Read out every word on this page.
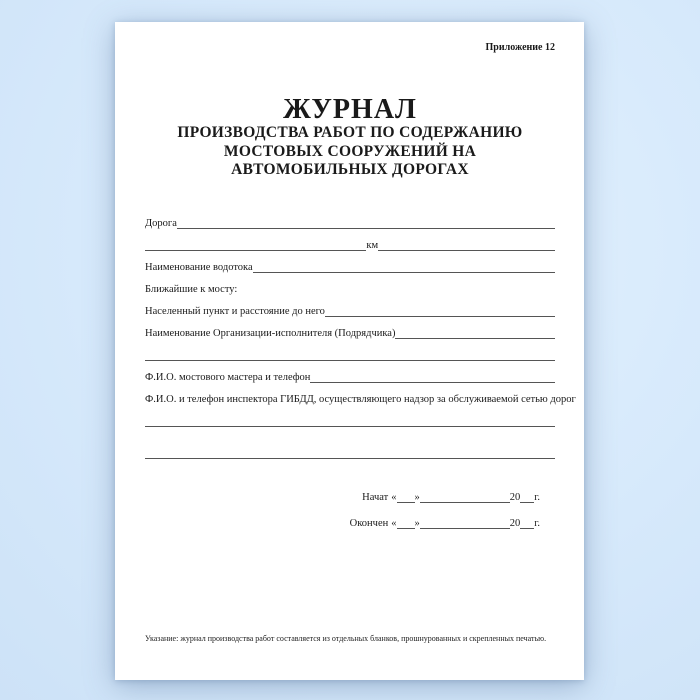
Приложение 12
ЖУРНАЛ
ПРОИЗВОДСТВА РАБОТ ПО СОДЕРЖАНИЮ
МОСТОВЫХ СООРУЖЕНИЙ НА
АВТОМОБИЛЬНЫХ ДОРОГАХ
Дорога
км
Наименование водотока
Ближайшие к мосту:
Населенный пункт и расстояние до него
Наименование Организации-исполнителя (Подрядчика)
Ф.И.О. мостового мастера и телефон
Ф.И.О. и телефон инспектора ГИБДД, осуществляющего надзор за обслуживаемой сетью дорог
Начат « »	20 г.
Окончен « »	20 г.
Указание: журнал производства работ составляется из отдельных бланков, прошнурованных и скрепленных печатью.
